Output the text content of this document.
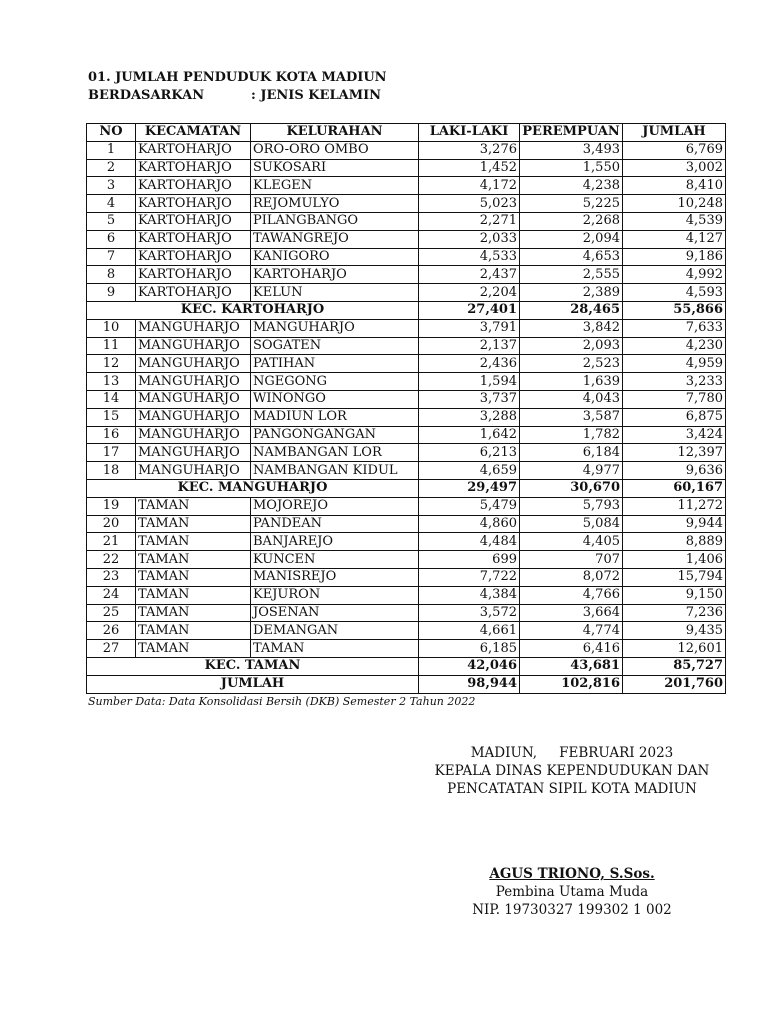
01. JUMLAH PENDUDUK KOTA MADIUN
BERDASARKAN	: JENIS KELAMIN
NO	KECAMATAN	KELURAHAN	LAKI-LAKI	PEREMPUAN	JUMLAH
1	KARTOHARJO	ORO-ORO OMBO	3,276	3,493	6,769
2	KARTOHARJO	SUKOSARI	1,452	1,550	3,002
3	KARTOHARJO	KLEGEN	4,172	4,238	8,410
4	KARTOHARJO	REJOMULYO	5,023	5,225	10,248
5	KARTOHARJO	PILANGBANGO	2,271	2,268	4,539
6	KARTOHARJO	TAWANGREJO	2,033	2,094	4,127
7	KARTOHARJO	KANIGORO	4,533	4,653	9,186
8	KARTOHARJO	KARTOHARJO	2,437	2,555	4,992
9	KARTOHARJO	KELUN	2,204	2,389	4,593
KEC. KARTOHARJO			27,401	28,465	55,866
10	MANGUHARJO	MANGUHARJO	3,791	3,842	7,633
11	MANGUHARJO	SOGATEN	2,137	2,093	4,230
12	MANGUHARJO	PATIHAN	2,436	2,523	4,959
13	MANGUHARJO	NGEGONG	1,594	1,639	3,233
14	MANGUHARJO	WINONGO	3,737	4,043	7,780
15	MANGUHARJO	MADIUN LOR	3,288	3,587	6,875
16	MANGUHARJO	PANGONGANGAN	1,642	1,782	3,424
17	MANGUHARJO	NAMBANGAN LOR	6,213	6,184	12,397
18	MANGUHARJO	NAMBANGAN KIDUL	4,659	4,977	9,636
KEC. MANGUHARJO			29,497	30,670	60,167
19	TAMAN	MOJOREJO	5,479	5,793	11,272
20	TAMAN	PANDEAN	4,860	5,084	9,944
21	TAMAN	BANJAREJO	4,484	4,405	8,889
22	TAMAN	KUNCEN	699	707	1,406
23	TAMAN	MANISREJO	7,722	8,072	15,794
24	TAMAN	KEJURON	4,384	4,766	9,150
25	TAMAN	JOSENAN	3,572	3,664	7,236
26	TAMAN	DEMANGAN	4,661	4,774	9,435
27	TAMAN	TAMAN	6,185	6,416	12,601
KEC. TAMAN			42,046	43,681	85,727
JUMLAH			98,944	102,816	201,760
Sumber Data: Data Konsolidasi Bersih (DKB) Semester 2 Tahun 2022
MADIUN, FEBRUARI 2023
KEPALA DINAS KEPENDUDUKAN DAN
PENCATATAN SIPIL KOTA MADIUN
AGUS TRIONO, S.Sos.
Pembina Utama Muda
NIP. 19730327 199302 1 002
